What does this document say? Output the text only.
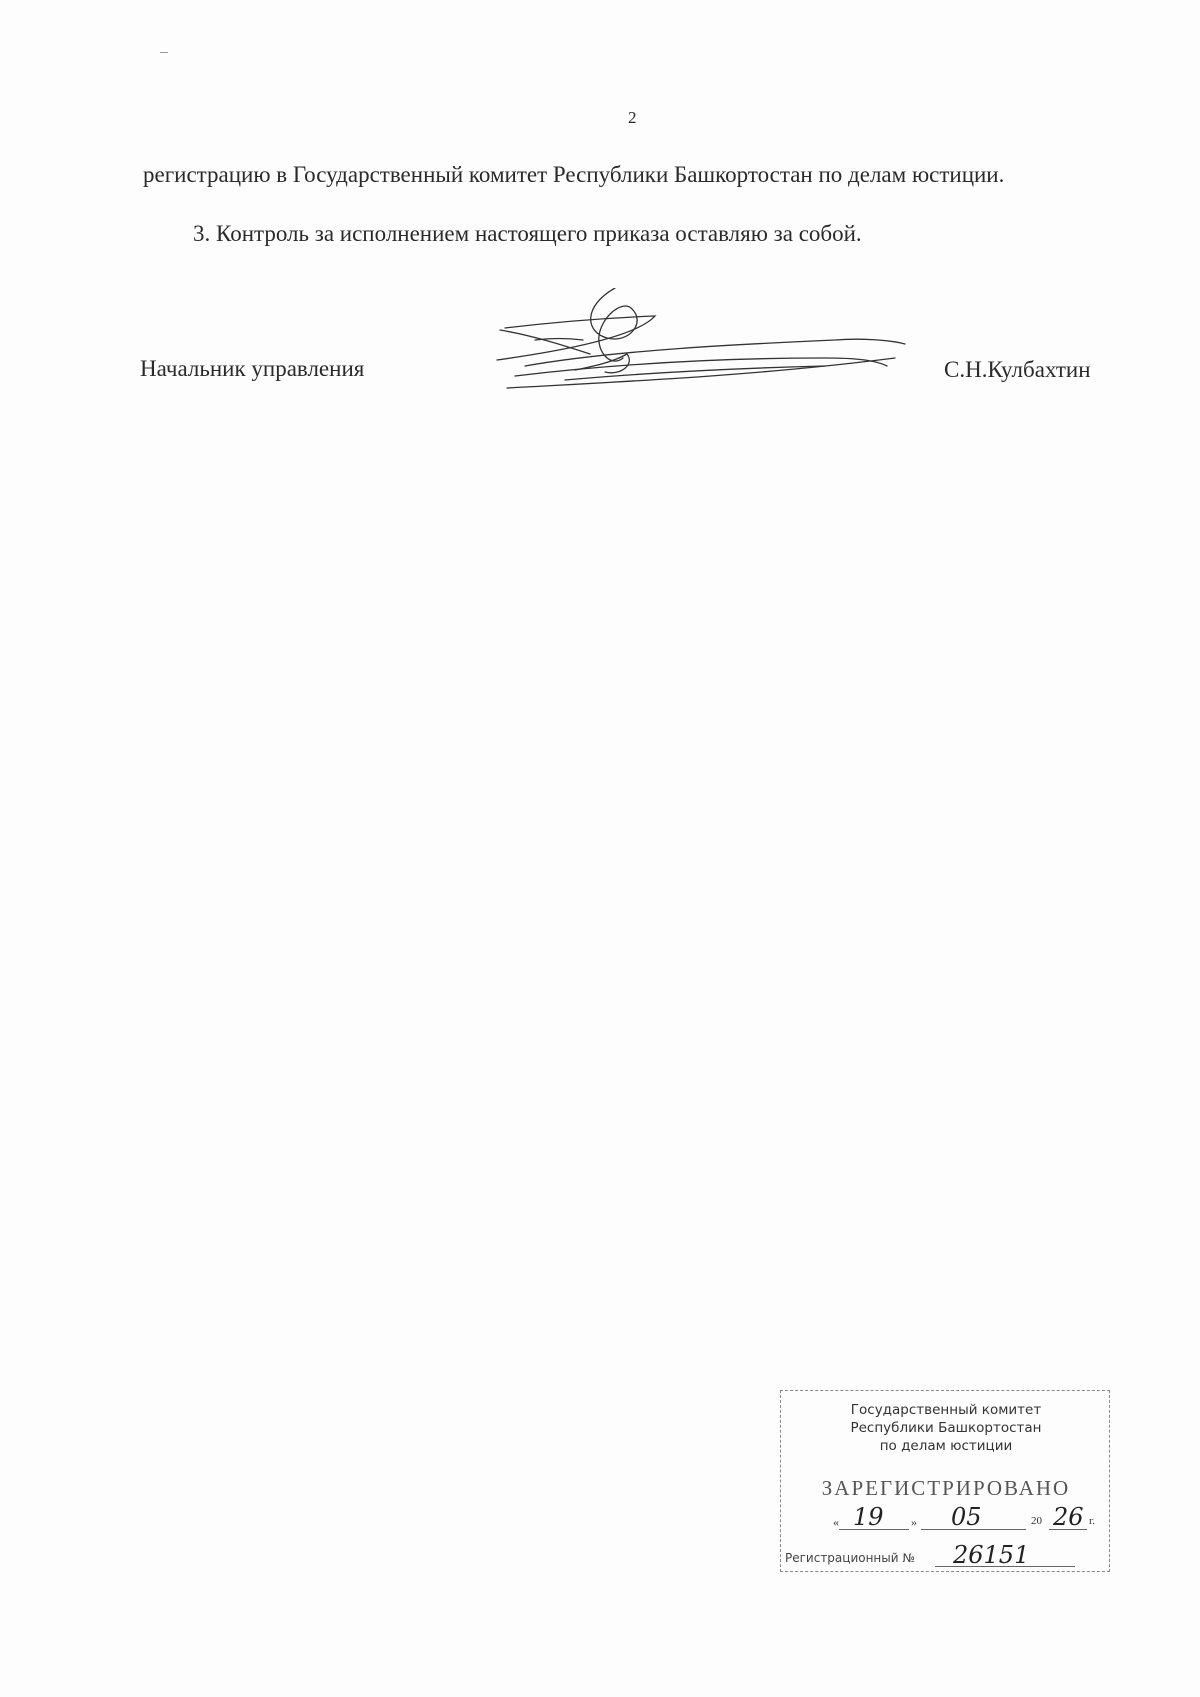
2
регистрацию в Государственный комитет Республики Башкортостан по делам юстиции.
3. Контроль за исполнением настоящего приказа оставляю за собой.
Начальник управления	С.Н.Кулбахтин
Государственный комитет
Республики Башкортостан
по делам юстиции
ЗАРЕГИСТРИРОВАНО
« 19 » 05	20 26 г.
Регистрационный № 26151
